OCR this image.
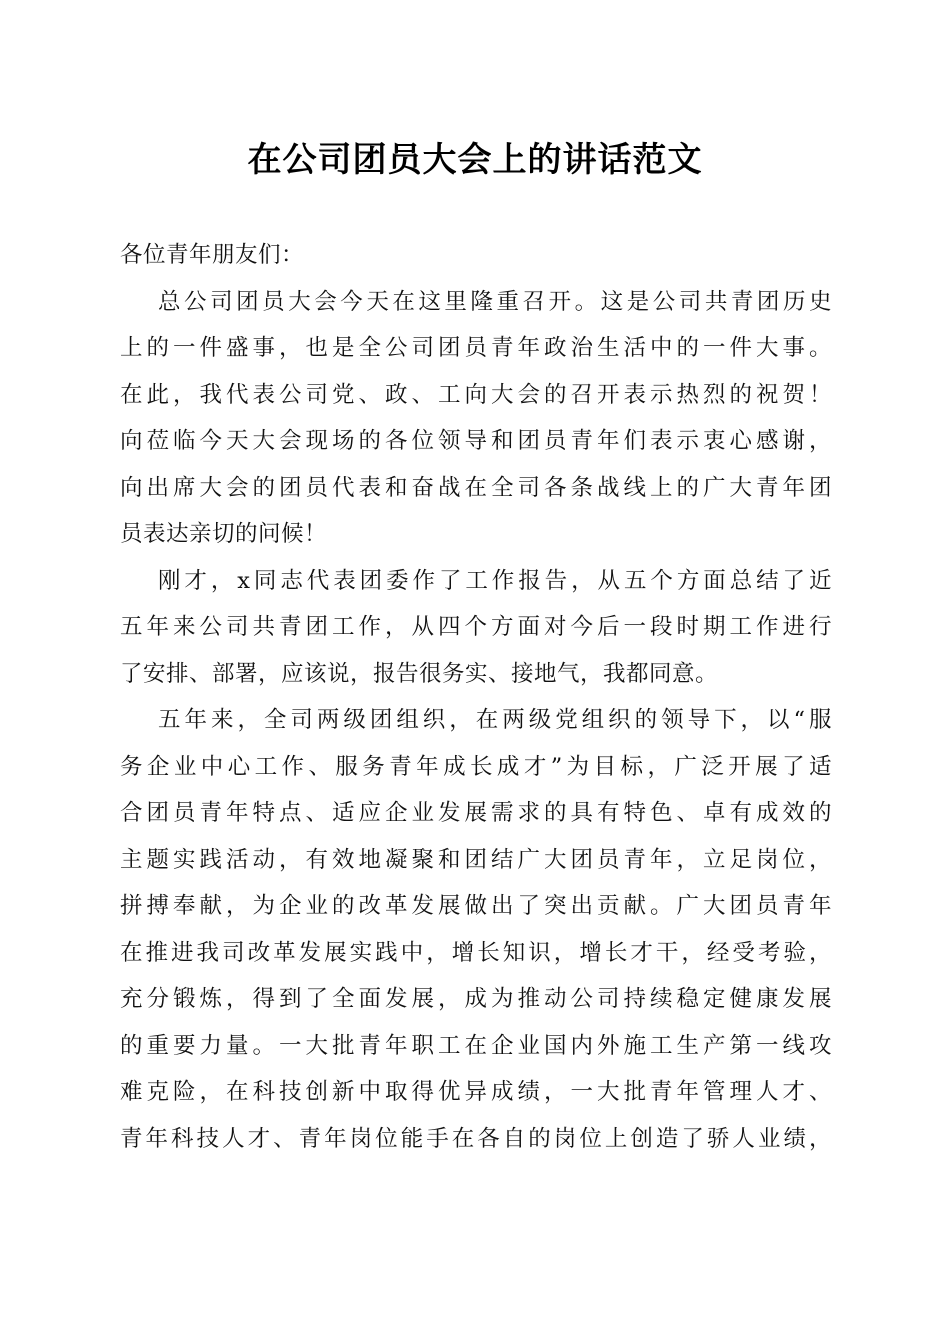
在公司团员大会上的讲话范文
各位青年朋友们：
总公司团员大会今天在这里隆重召开。这是公司共青团历史
上的一件盛事，也是全公司团员青年政治生活中的一件大事。
在此，我代表公司党、政、工向大会的召开表示热烈的祝贺！
向莅临今天大会现场的各位领导和团员青年们表示衷心感谢，
向出席大会的团员代表和奋战在全司各条战线上的广大青年团
员表达亲切的问候！
刚才，x同志代表团委作了工作报告，从五个方面总结了近
五年来公司共青团工作，从四个方面对今后一段时期工作进行
了安排、部署，应该说，报告很务实、接地气，我都同意。
五年来，全司两级团组织，在两级党组织的领导下，以“服
务企业中心工作、服务青年成长成才”为目标，广泛开展了适
合团员青年特点、适应企业发展需求的具有特色、卓有成效的
主题实践活动，有效地凝聚和团结广大团员青年，立足岗位，
拼搏奉献，为企业的改革发展做出了突出贡献。广大团员青年
在推进我司改革发展实践中，增长知识，增长才干，经受考验，
充分锻炼，得到了全面发展，成为推动公司持续稳定健康发展
的重要力量。一大批青年职工在企业国内外施工生产第一线攻
难克险，在科技创新中取得优异成绩，一大批青年管理人才、
青年科技人才、青年岗位能手在各自的岗位上创造了骄人业绩，
